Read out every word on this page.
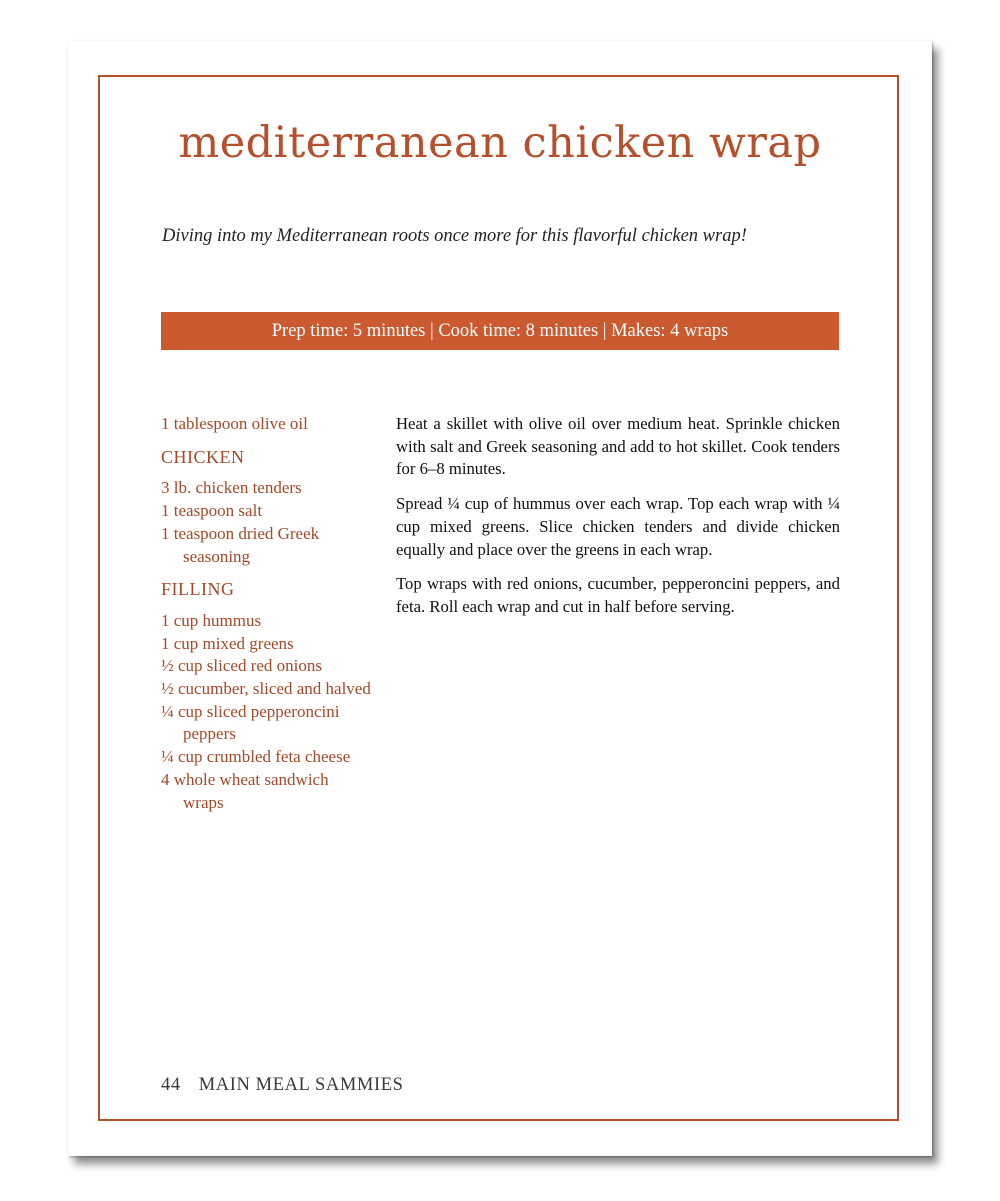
mediterranean chicken wrap
Diving into my Mediterranean roots once more for this flavorful chicken wrap!
Prep time: 5 minutes | Cook time: 8 minutes | Makes: 4 wraps
1 tablespoon olive oil
CHICKEN
3 lb. chicken tenders
1 teaspoon salt
1 teaspoon dried Greek seasoning
FILLING
1 cup hummus
1 cup mixed greens
½ cup sliced red onions
½ cucumber, sliced and halved
¼ cup sliced pepperoncini peppers
¼ cup crumbled feta cheese
4 whole wheat sandwich wraps

Heat a skillet with olive oil over medium heat. Sprinkle chicken with salt and Greek seasoning and add to hot skillet. Cook tenders for 6–8 minutes.

Spread ¼ cup of hummus over each wrap. Top each wrap with ¼ cup mixed greens. Slice chicken tenders and divide chicken equally and place over the greens in each wrap.

Top wraps with red onions, cucumber, pepperoncini peppers, and feta. Roll each wrap and cut in half before serving.

44 MAIN MEAL SAMMIES
